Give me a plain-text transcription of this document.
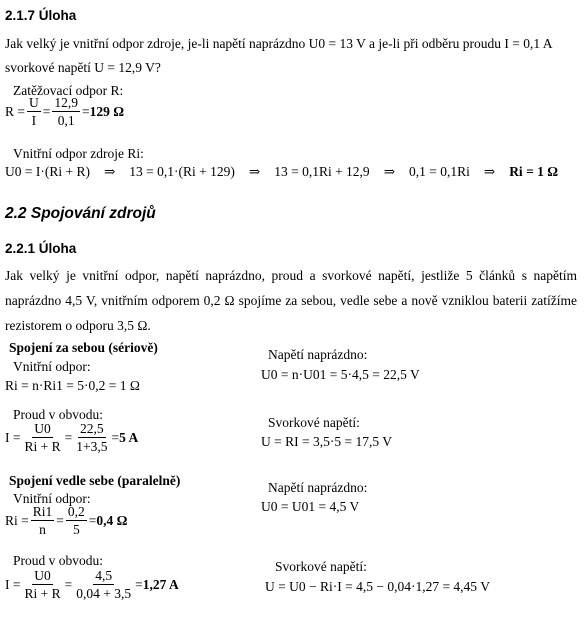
2.1.7 Úloha
Jak velký je vnitřní odpor zdroje, je-li napětí naprázdno U0 = 13 V a je-li při odběru proudu I = 0,1 A
svorkové napětí U = 12,9 V?
Zatěžovací odpor R:
$R = \frac{U}{I} = \frac{12,9}{0,1} = 129$ Ω
Vnitřní odpor zdroje Ri:
U0 = I·(Ri + R) ⇒ 13 = 0,1·(Ri + 129) ⇒ 13 = 0,1Ri + 12,9 ⇒ 0,1 = 0,1Ri ⇒ Ri = 1 Ω
2.2 Spojování zdrojů
2.2.1 Úloha
Jak velký je vnitřní odpor, napětí naprázdno, proud a svorkové napětí, jestliže 5 článků s napětím naprázdno 4,5 V, vnitřním odporem 0,2 Ω spojíme za sebou, vedle sebe a nově vzniklou baterii zatížíme rezistorem o odporu 3,5 Ω.
Spojení za sebou (sériově)
Vnitřní odpor:
Ri = n·Ri1 = 5·0,2 = 1 Ω
Proud v obvodu:
$I = \frac{U0}{Ri + R} = \frac{22,5}{1+3,5} = 5$ A
Napětí naprázdno:
U0 = n·U01 = 5·4,5 = 22,5 V
Svorkové napětí:
U = RI = 3,5·5 = 17,5 V
Spojení vedle sebe (paralelně)
Vnitřní odpor:
$Ri = \frac{Ri1}{n} = \frac{0,2}{5} = 0,4$ Ω
Proud v obvodu:
$I = \frac{U0}{Ri + R} = \frac{4,5}{0,04 + 3,5} = 1,27$ A
Napětí naprázdno:
U0 = U01 = 4,5 V
Svorkové napětí:
U = U0 − Ri·I = 4,5 − 0,04·1,27 = 4,45 V
